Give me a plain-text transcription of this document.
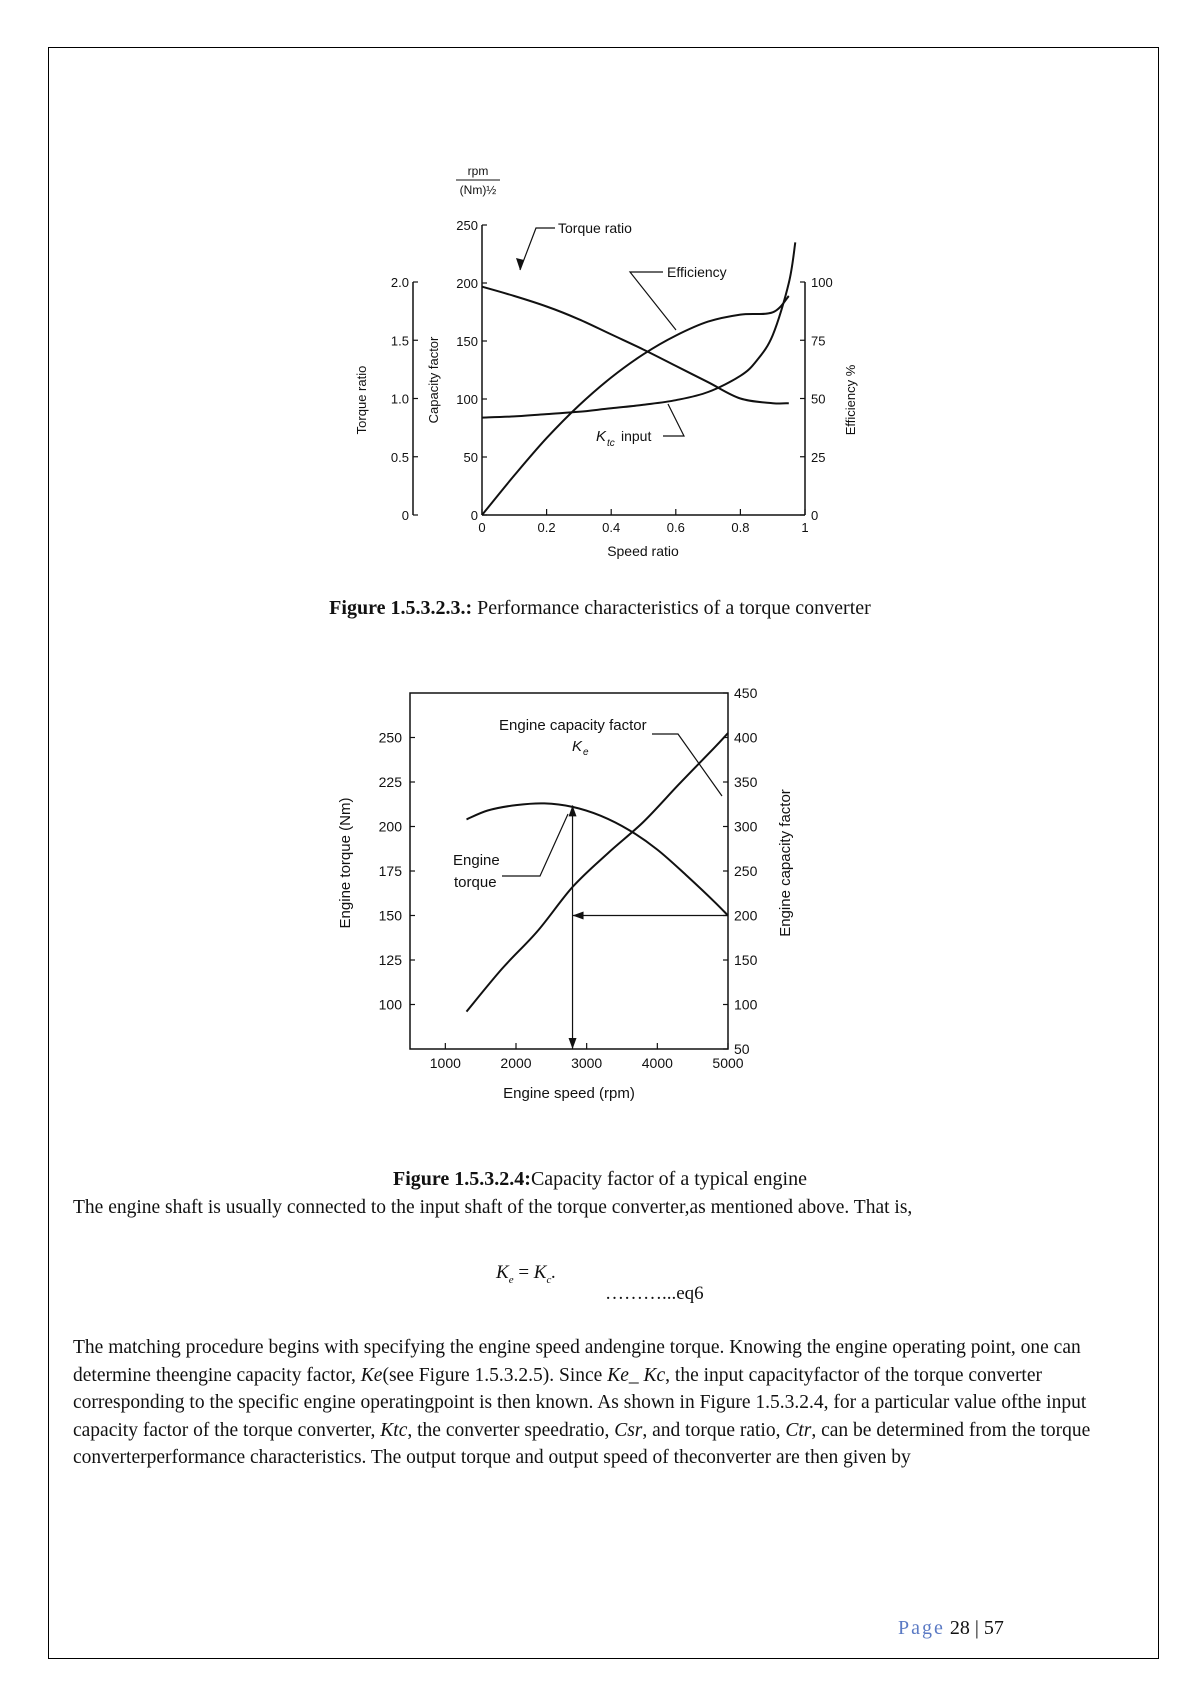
0
0.5
1.0
1.5
2.0
0
50
100
150
200
250
0
25
50
75
100
0	0.2	0.4	0.6	0.8	1
Speed ratio
Torque ratio	Capacity factor	Efficiency %
rpm
(Nm)½
Torque ratio
Efficiency
K tc input
Figure 1.5.3.2.3.: Performance characteristics of a torque converter
100
125
150
175
200
225
250
50
100
150
200
250
300
350
400
450
1000	2000	3000	4000	5000
Engine speed (rpm)
Engine torque (Nm)	Engine capacity factor
Engine capacity factor
K e
Engine
torque
Figure 1.5.3.2.4:Capacity factor of a typical engine

The engine shaft is usually connected to the input shaft of the torque converter,as mentioned above. That is,

$K_e = K_c$.
………...eq6

The matching procedure begins with specifying the engine speed andengine torque. Knowing the engine operating point, one can determine theengine capacity factor, Ke(see Figure 1.5.3.2.5). Since Ke_ Kc, the input capacityfactor of the torque converter corresponding to the specific engine operatingpoint is then known. As shown in Figure 1.5.3.2.4, for a particular value ofthe input capacity factor of the torque converter, Ktc, the converter speedratio, Csr, and torque ratio, Ctr, can be determined from the torque converterperformance characteristics. The output torque and output speed of theconverter are then given by

Page 28 | 57
